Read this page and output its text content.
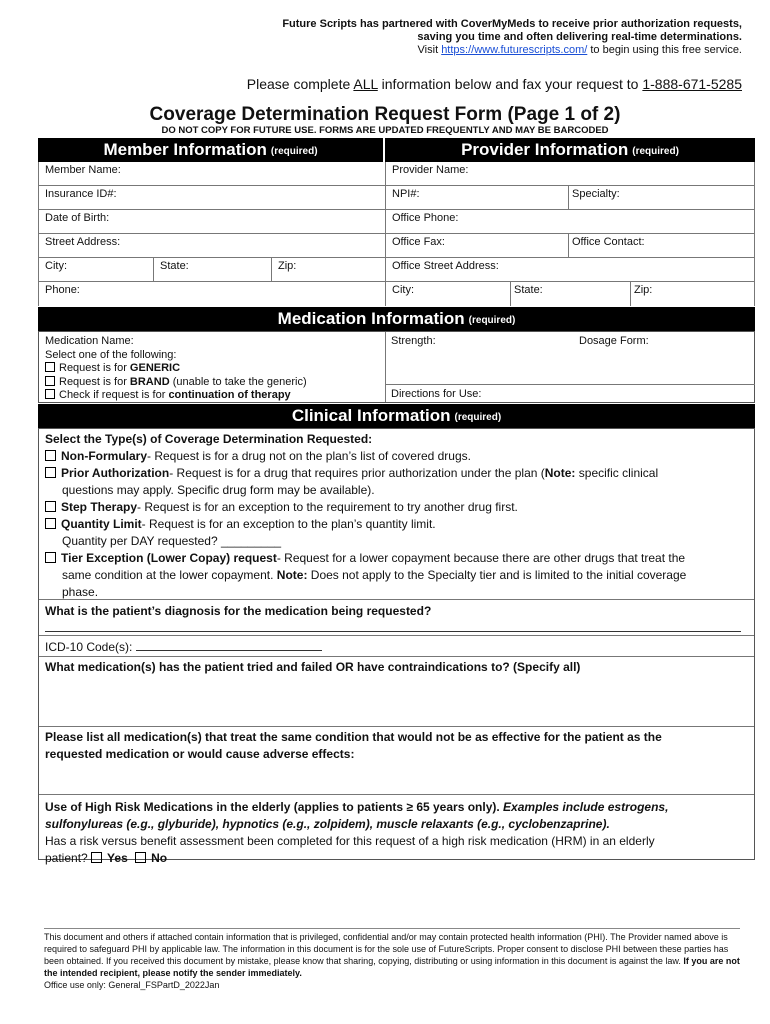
Future Scripts has partnered with CoverMyMeds to receive prior authorization requests,
saving you time and often delivering real-time determinations.
Visit https://www.futurescripts.com/ to begin using this free service.
Please complete ALL information below and fax your request to 1-888-671-5285
Coverage Determination Request Form (Page 1 of 2)
DO NOT COPY FOR FUTURE USE. FORMS ARE UPDATED FREQUENTLY AND MAY BE BARCODED
Member Information (required)	Provider Information (required)
Member Name:
Insurance ID#:
Date of Birth:
Street Address:
City:	State:	Zip:
Phone:
Provider Name:
NPI#:	Specialty:
Office Phone:
Office Fax:	Office Contact:
Office Street Address:
City:	State:	Zip:
Medication Information (required)
Medication Name:
Select one of the following:
Request is for GENERIC
Request is for BRAND (unable to take the generic)
Check if request is for continuation of therapy
Strength:	Dosage Form:
Directions for Use:
Clinical Information (required)
Select the Type(s) of Coverage Determination Requested:
Non-Formulary- Request is for a drug not on the plan’s list of covered drugs.
Prior Authorization- Request is for a drug that requires prior authorization under the plan (Note: specific clinical
questions may apply. Specific drug form may be available).
Step Therapy- Request is for an exception to the requirement to try another drug first.
Quantity Limit- Request is for an exception to the plan’s quantity limit.
Quantity per DAY requested? _________
Tier Exception (Lower Copay) request- Request for a lower copayment because there are other drugs that treat the
same condition at the lower copayment. Note: Does not apply to the Specialty tier and is limited to the initial coverage
phase.
What is the patient’s diagnosis for the medication being requested?
ICD-10 Code(s):
What medication(s) has the patient tried and failed OR have contraindications to? (Specify all)
Please list all medication(s) that treat the same condition that would not be as effective for the patient as the
requested medication or would cause adverse effects:
Use of High Risk Medications in the elderly (applies to patients ≥ 65 years only). Examples include estrogens,
sulfonylureas (e.g., glyburide), hypnotics (e.g., zolpidem), muscle relaxants (e.g., cyclobenzaprine).
Has a risk versus benefit assessment been completed for this request of a high risk medication (HRM) in an elderly
patient? Yes No
This document and others if attached contain information that is privileged, confidential and/or may contain protected health information (PHI). The Provider named above is required to safeguard PHI by applicable law. The information in this document is for the sole use of FutureScripts. Proper consent to disclose PHI between these parties has been obtained. If you received this document by mistake, please know that sharing, copying, distributing or using information in this document is against the law. If you are not the intended recipient, please notify the sender immediately.
Office use only: General_FSPartD_2022Jan
